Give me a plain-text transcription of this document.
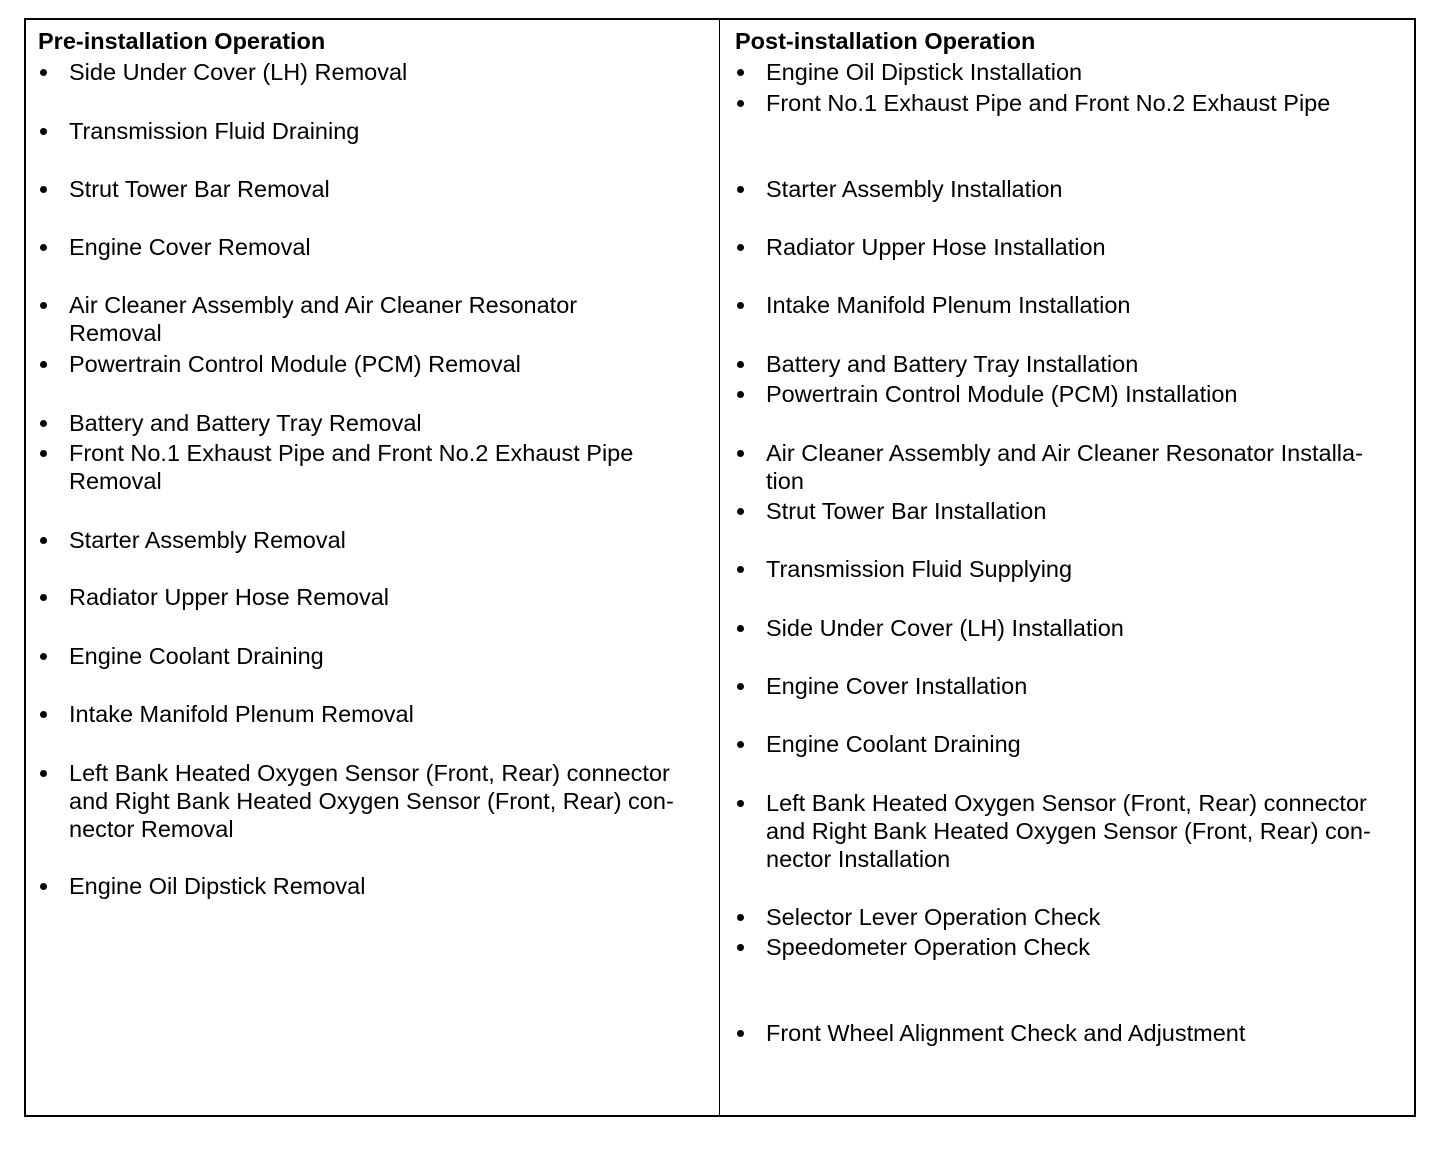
Pre-installation Operation
Side Under Cover (LH) Removal
Transmission Fluid Draining
Strut Tower Bar Removal
Engine Cover Removal
Air Cleaner Assembly and Air Cleaner Resonator
Removal
Powertrain Control Module (PCM) Removal
Battery and Battery Tray Removal
Front No.1 Exhaust Pipe and Front No.2 Exhaust Pipe
Removal
Starter Assembly Removal
Radiator Upper Hose Removal
Engine Coolant Draining
Intake Manifold Plenum Removal
Left Bank Heated Oxygen Sensor (Front, Rear) connector
and Right Bank Heated Oxygen Sensor (Front, Rear) con-
nector Removal
Engine Oil Dipstick Removal
Post-installation Operation
Engine Oil Dipstick Installation
Front No.1 Exhaust Pipe and Front No.2 Exhaust Pipe
Starter Assembly Installation
Radiator Upper Hose Installation
Intake Manifold Plenum Installation
Battery and Battery Tray Installation
Powertrain Control Module (PCM) Installation
Air Cleaner Assembly and Air Cleaner Resonator Installa-
tion
Strut Tower Bar Installation
Transmission Fluid Supplying
Side Under Cover (LH) Installation
Engine Cover Installation
Engine Coolant Draining
Left Bank Heated Oxygen Sensor (Front, Rear) connector
and Right Bank Heated Oxygen Sensor (Front, Rear) con-
nector Installation
Selector Lever Operation Check
Speedometer Operation Check
Front Wheel Alignment Check and Adjustment
